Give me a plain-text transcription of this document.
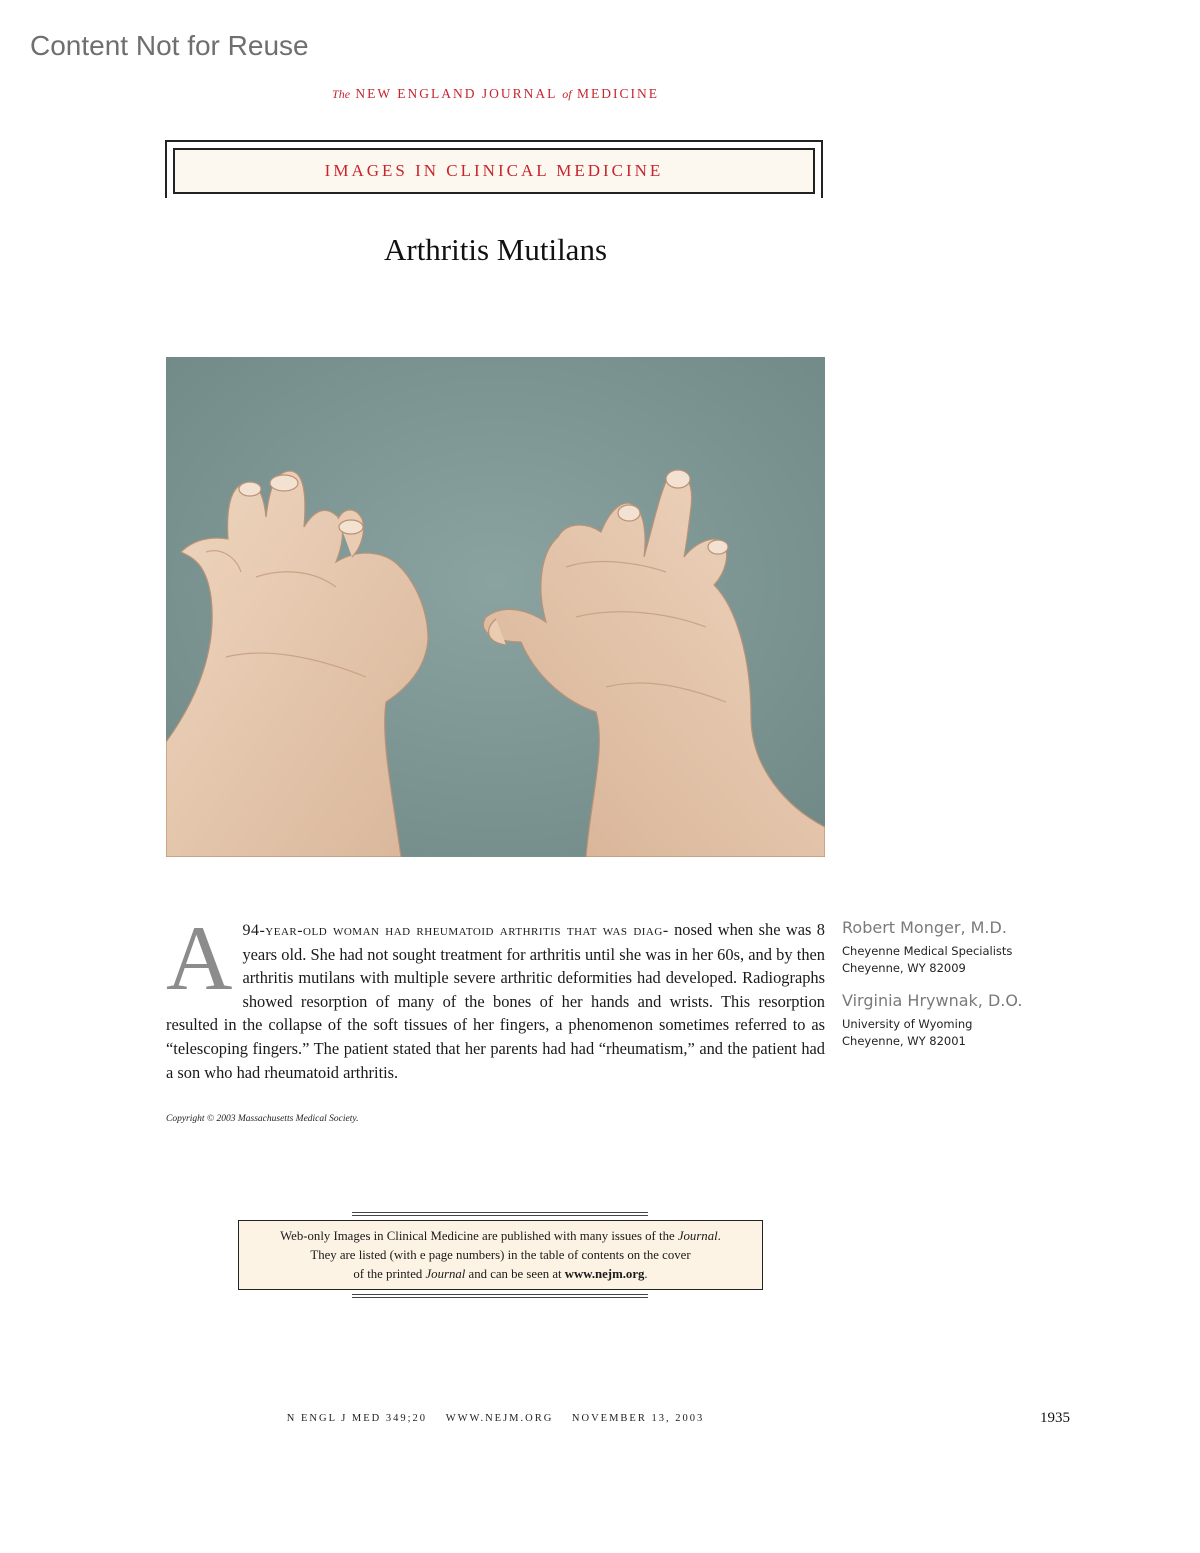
Content Not for Reuse
The NEW ENGLAND JOURNAL of MEDICINE
IMAGES IN CLINICAL MEDICINE
Arthritis Mutilans
A 94-year-old woman had rheumatoid arthritis that was diag- nosed when she was 8 years old. She had not sought treatment for arthritis until she was in her 60s, and by then arthritis mutilans with multiple severe arthritic deformities had developed. Radiographs showed resorption of many of the bones of her hands and wrists. This resorption resulted in the collapse of the soft tissues of her fingers, a phenomenon sometimes referred to as “telescoping fingers.” The patient stated that her parents had had “rheumatism,” and the patient had a son who had rheumatoid arthritis.
Copyright © 2003 Massachusetts Medical Society.
Robert Monger, M.D.
Cheyenne Medical Specialists
Cheyenne, WY 82009
Virginia Hrywnak, D.O.
University of Wyoming
Cheyenne, WY 82001
Web-only Images in Clinical Medicine are published with many issues of the Journal.
They are listed (with e page numbers) in the table of contents on the cover
of the printed Journal and can be seen at www.nejm.org.
N ENGL J MED 349;20 WWW.NEJM.ORG NOVEMBER 13, 2003	1935
